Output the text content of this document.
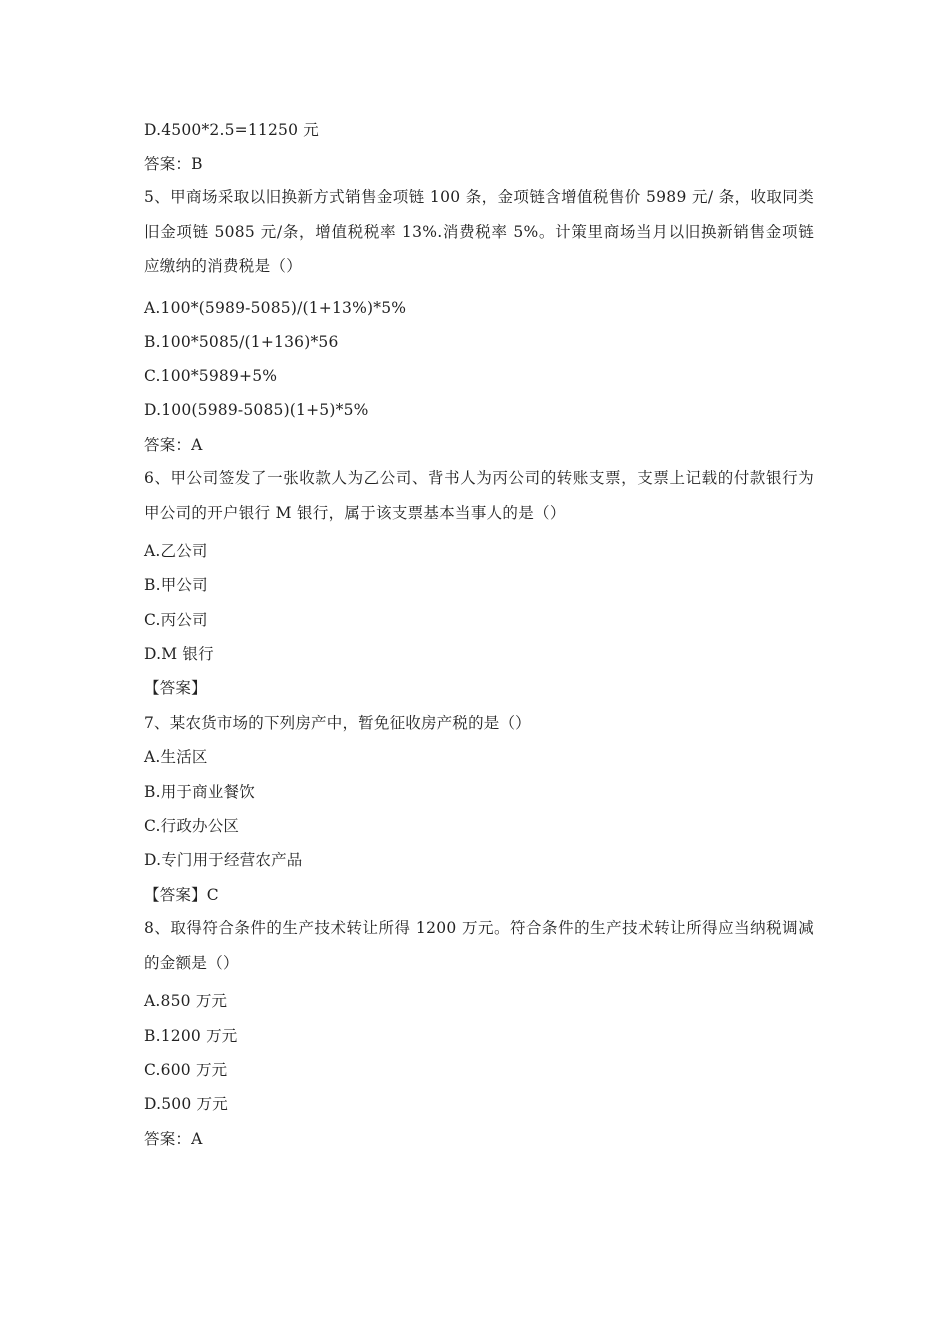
D.4500*2.5=11250 元
答案：B
5、甲商场采取以旧换新方式销售金项链 100 条，金项链含增值税售价 5989 元/ 条，收取同类旧金项链 5085 元/条，增值税税率 13%.消费税率 5%。计策里商场当月以旧换新销售金项链应缴纳的消费税是（）
A.100*(5989-5085)/(1+13%)*5%
B.100*5085/(1+136)*56
C.100*5989+5%
D.100(5989-5085)(1+5)*5%
答案：A
6、甲公司签发了一张收款人为乙公司、背书人为丙公司的转账支票，支票上记载的付款银行为甲公司的开户银行 M 银行，属于该支票基本当事人的是（）
A.乙公司
B.甲公司
C.丙公司
D.M 银行
【答案】
7、某农货市场的下列房产中，暂免征收房产税的是（）
A.生活区
B.用于商业餐饮
C.行政办公区
D.专门用于经营农产品
【答案】C
8、取得符合条件的生产技术转让所得 1200 万元。符合条件的生产技术转让所得应当纳税调减的金额是（）
A.850 万元
B.1200 万元
C.600 万元
D.500 万元
答案：A
